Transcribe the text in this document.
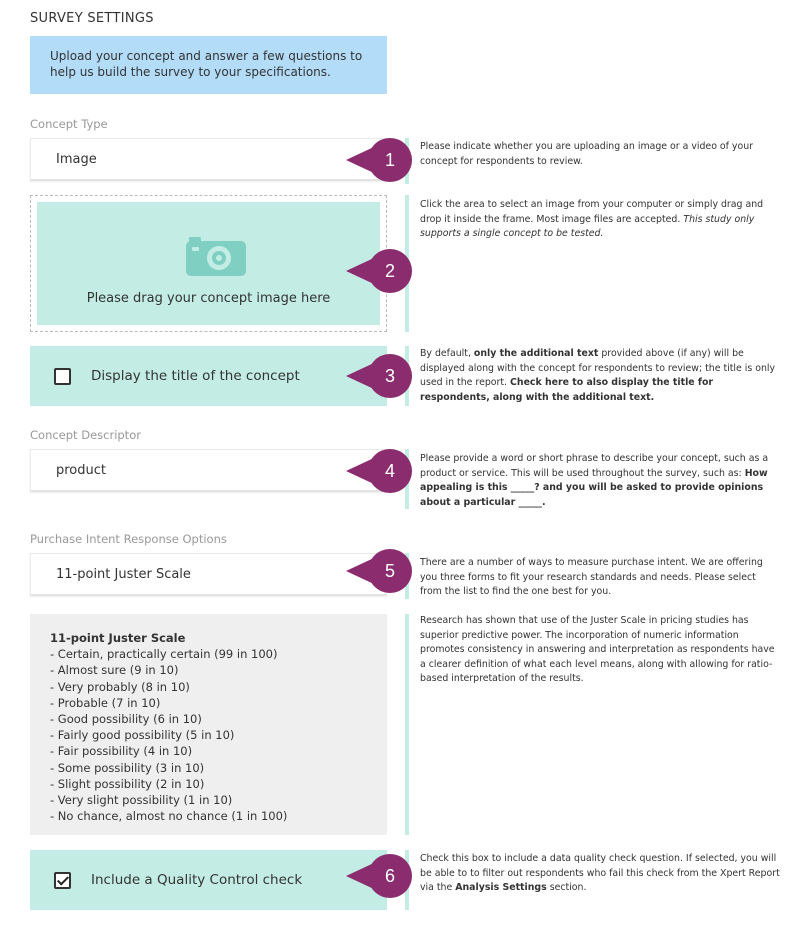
SURVEY SETTINGS
Upload your concept and answer a few questions to help us build the survey to your specifications.
Concept Type
Image
Please drag your concept image here
Display the title of the concept
Concept Descriptor
product
Purchase Intent Response Options
11-point Juster Scale
11-point Juster Scale
- Certain, practically certain (99 in 100)
- Almost sure (9 in 10)
- Very probably (8 in 10)
- Probable (7 in 10)
- Good possibility (6 in 10)
- Fairly good possibility (5 in 10)
- Fair possibility (4 in 10)
- Some possibility (3 in 10)
- Slight possibility (2 in 10)
- Very slight possibility (1 in 10)
- No chance, almost no chance (1 in 100)
Include a Quality Control check
Please indicate whether you are uploading an image or a video of your concept for respondents to review.
Click the area to select an image from your computer or simply drag and drop it inside the frame. Most image files are accepted. This study only supports a single concept to be tested.
By default, only the additional text provided above (if any) will be displayed along with the concept for respondents to review; the title is only used in the report. Check here to also display the title for respondents, along with the additional text.
Please provide a word or short phrase to describe your concept, such as a product or service. This will be used throughout the survey, such as: How appealing is this _____? and you will be asked to provide opinions about a particular _____.
There are a number of ways to measure purchase intent. We are offering you three forms to fit your research standards and needs. Please select from the list to find the one best for you.
Research has shown that use of the Juster Scale in pricing studies has superior predictive power. The incorporation of numeric information promotes consistency in answering and interpretation as respondents have a clearer definition of what each level means, along with allowing for ratio-based interpretation of the results.
Check this box to include a data quality check question. If selected, you will be able to to filter out respondents who fail this check from the Xpert Report via the Analysis Settings section.
1
2
3
4
5
6
